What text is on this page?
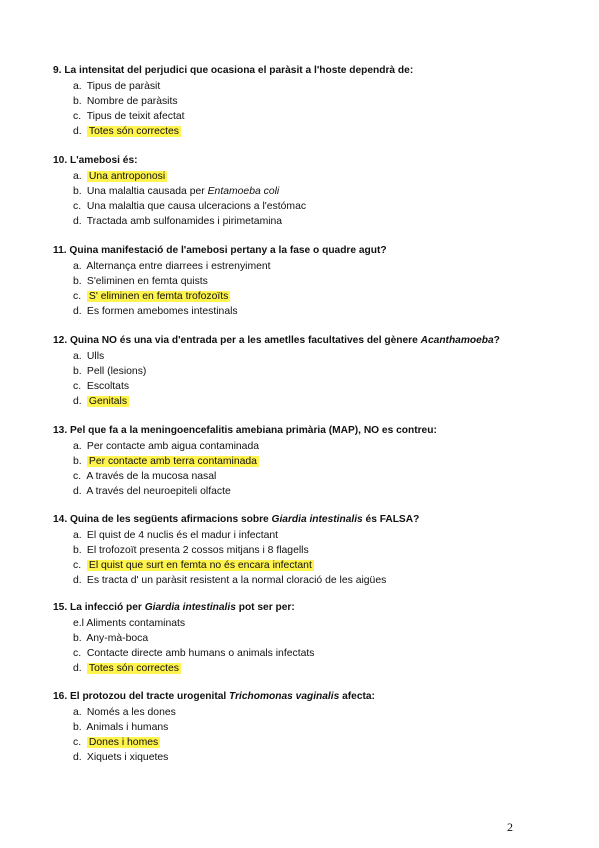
9. La intensitat del perjudici que ocasiona el paràsit a l'hoste dependrà de:
a. Tipus de paràsit
b. Nombre de paràsits
c. Tipus de teixit afectat
d. Totes són correctes
10. L'amebosi és:
a. Una antroponosi
b. Una malaltia causada per Entamoeba coli
c. Una malaltia que causa ulceracions a l'estómac
d. Tractada amb sulfonamides i pirimetamina
11. Quina manifestació de l'amebosi pertany a la fase o quadre agut?
a. Alternança entre diarrees i estrenyiment
b. S'eliminen en femta quists
c. S' eliminen en femta trofozoïts
d. Es formen amebomes intestinals
12. Quina NO és una via d'entrada per a les ametlles facultatives del gènere Acanthamoeba?
a. Ulls
b. Pell (lesions)
c. Escoltats
d. Genitals
13. Pel que fa a la meningoencefalitis amebiana primària (MAP), NO es contreu:
a. Per contacte amb aigua contaminada
b. Per contacte amb terra contaminada
c. A través de la mucosa nasal
d. A través del neuroepiteli olfacte
14. Quina de les següents afirmacions sobre Giardia intestinalis és FALSA?
a. El quist de 4 nuclis és el madur i infectant
b. El trofozoït presenta 2 cossos mitjans i 8 flagells
c. El quist que surt en femta no és encara infectant
d. Es tracta d' un paràsit resistent a la normal cloració de les aigües
15. La infecció per Giardia intestinalis pot ser per:
e.l Aliments contaminats
b. Any-mà-boca
c. Contacte directe amb humans o animals infectats
d. Totes són correctes
16. El protozou del tracte urogenital Trichomonas vaginalis afecta:
a. Només a les dones
b. Animals i humans
c. Dones i homes
d. Xiquets i xiquetes
2
